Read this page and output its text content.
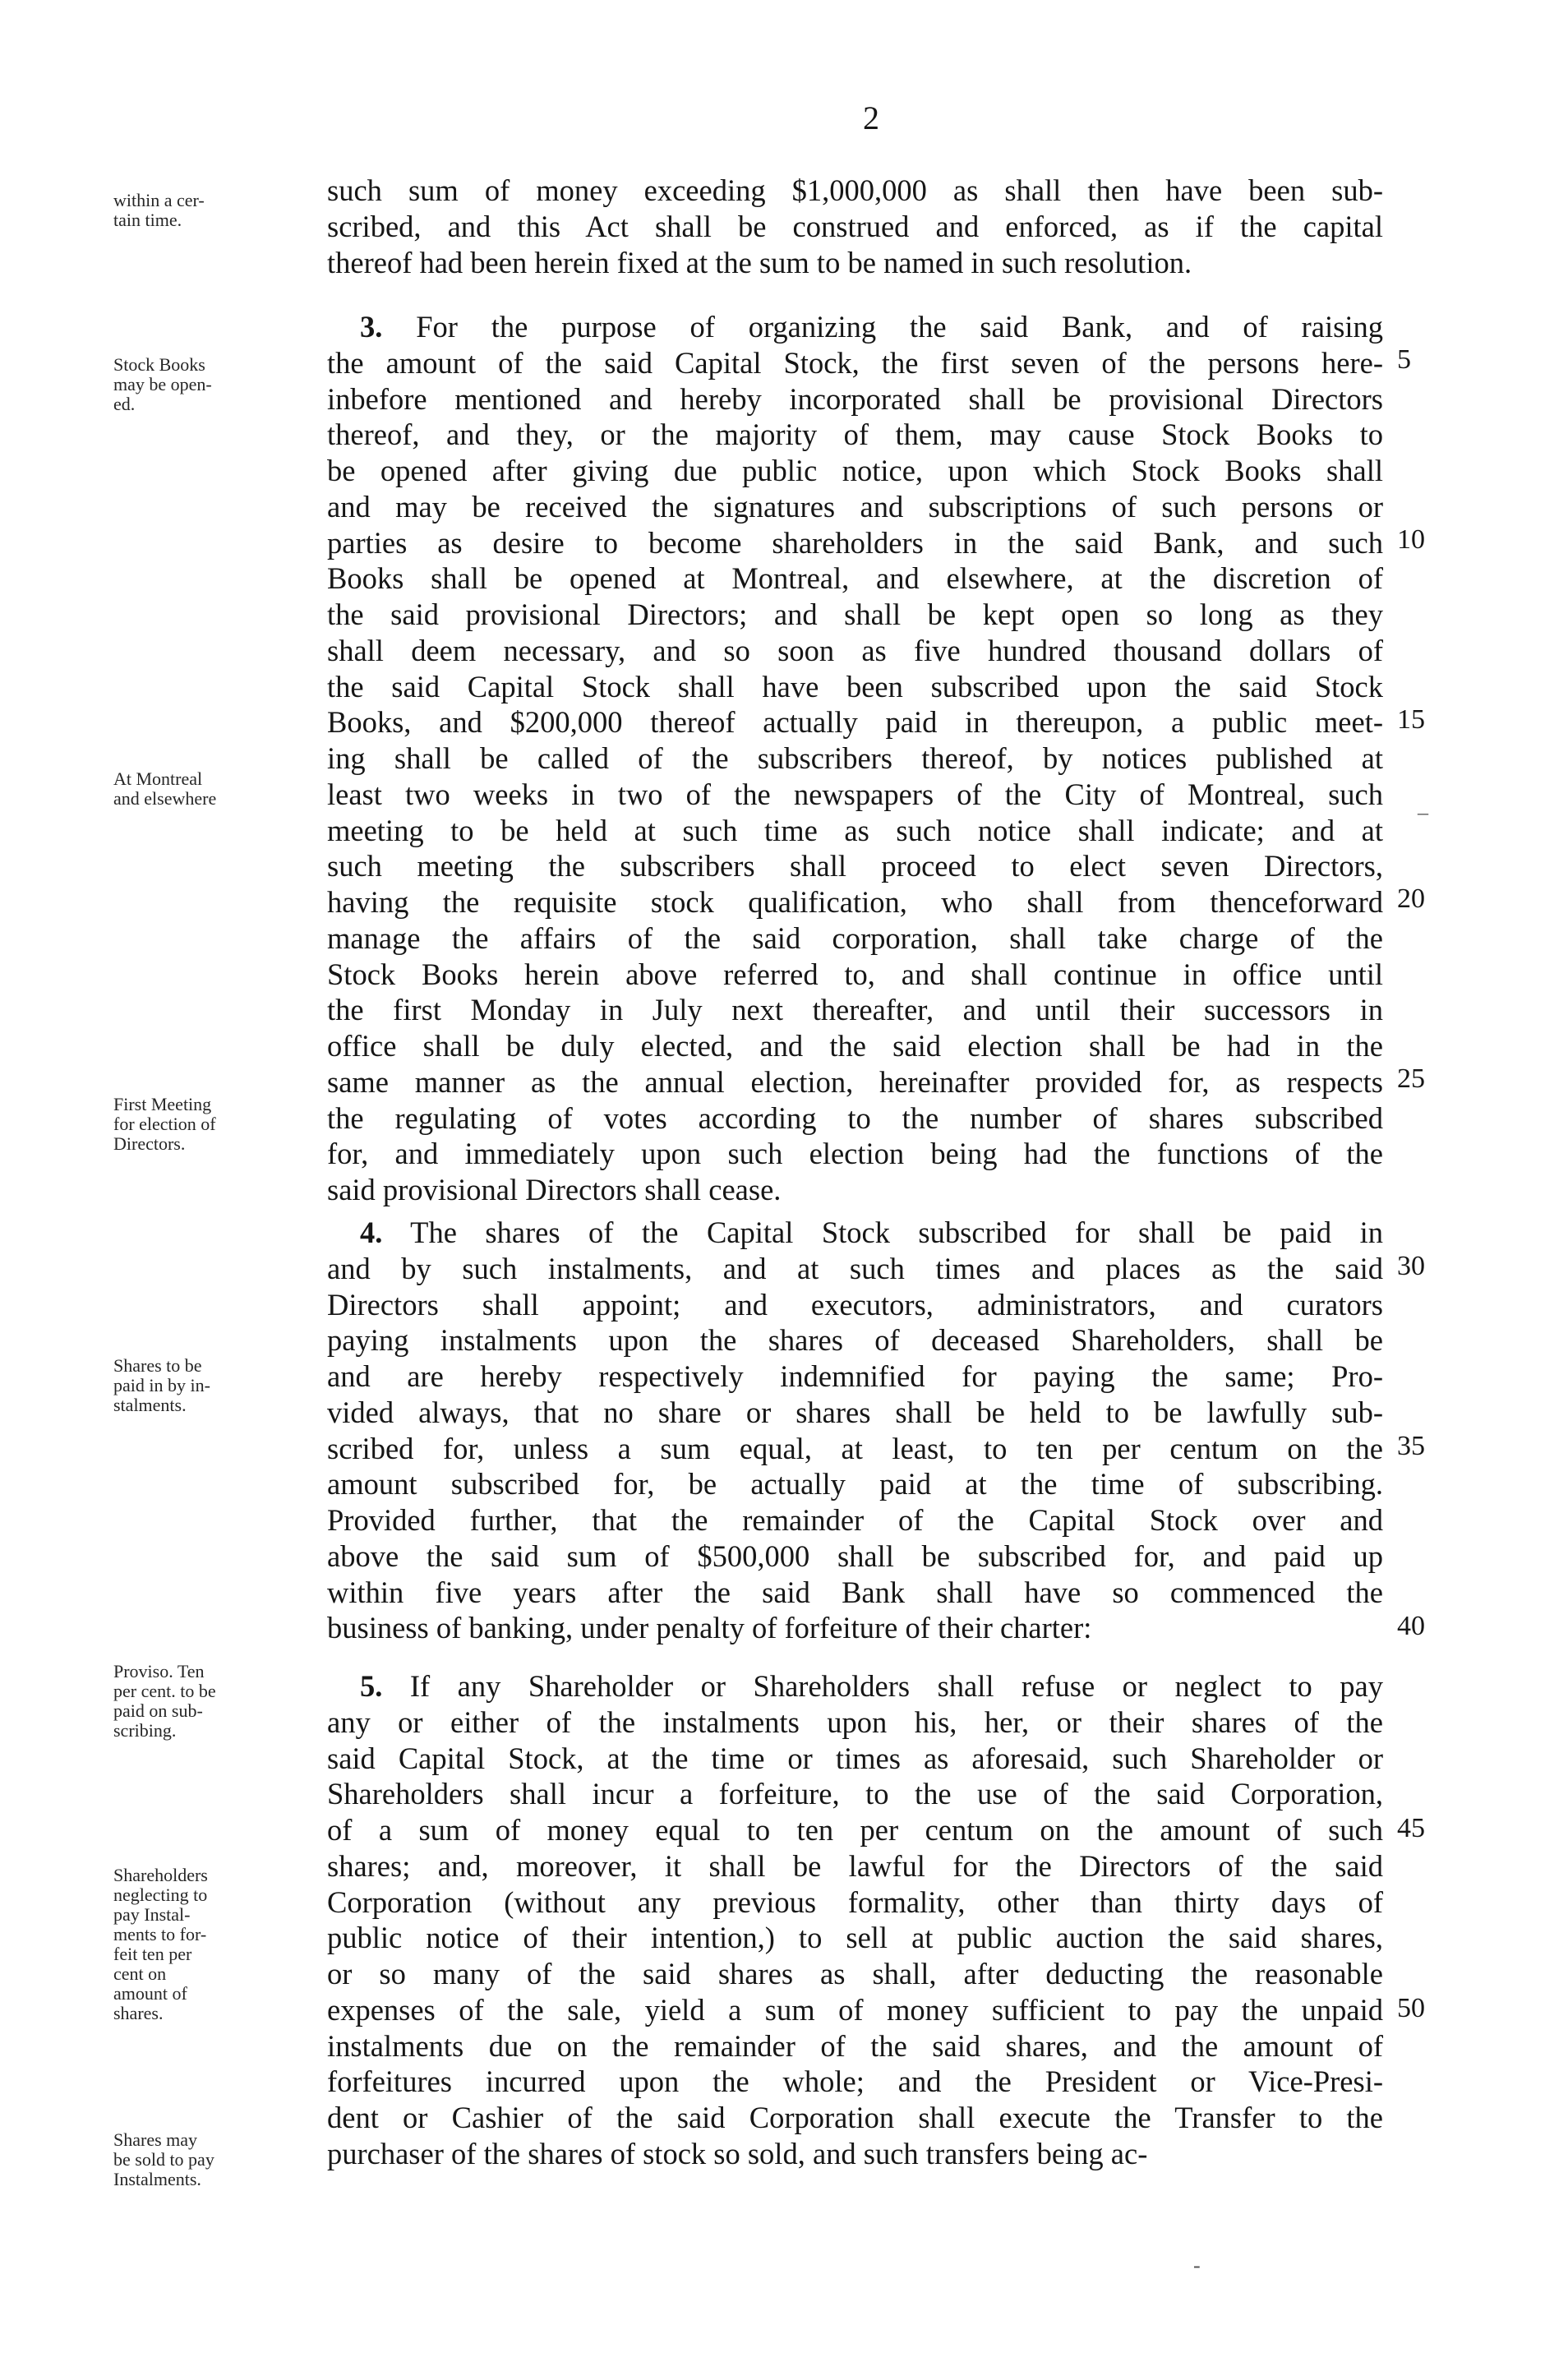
2
within a cer-
tain time.
Stock Books
may be open-
ed.
At Montreal
and elsewhere
First Meeting
for election of
Directors.
Shares to be
paid in by in-
stalments.
Proviso. Ten
per cent. to be
paid on sub-
scribing.
Shareholders
neglecting to
pay Instal-
ments to for-
feit ten per
cent on
amount of
shares.
Shares may
be sold to pay
Instalments.
such sum of money exceeding $1,000,000 as shall then have been sub-
scribed, and this Act shall be construed and enforced, as if the capital
thereof had been herein fixed at the sum to be named in such resolution.
3. For the purpose of organizing the said Bank, and of raising
the amount of the said Capital Stock, the first seven of the persons here-
inbefore mentioned and hereby incorporated shall be provisional Directors
thereof, and they, or the majority of them, may cause Stock Books to
be opened after giving due public notice, upon which Stock Books shall
and may be received the signatures and subscriptions of such persons or
parties as desire to become shareholders in the said Bank, and such
Books shall be opened at Montreal, and elsewhere, at the discretion of
the said provisional Directors; and shall be kept open so long as they
shall deem necessary, and so soon as five hundred thousand dollars of
the said Capital Stock shall have been subscribed upon the said Stock
Books, and $200,000 thereof actually paid in thereupon, a public meet-
ing shall be called of the subscribers thereof, by notices published at
least two weeks in two of the newspapers of the City of Montreal, such
meeting to be held at such time as such notice shall indicate; and at
such meeting the subscribers shall proceed to elect seven Directors,
having the requisite stock qualification, who shall from thenceforward
manage the affairs of the said corporation, shall take charge of the
Stock Books herein above referred to, and shall continue in office until
the first Monday in July next thereafter, and until their successors in
office shall be duly elected, and the said election shall be had in the
same manner as the annual election, hereinafter provided for, as respects
the regulating of votes according to the number of shares subscribed
for, and immediately upon such election being had the functions of the
said provisional Directors shall cease.
4. The shares of the Capital Stock subscribed for shall be paid in
and by such instalments, and at such times and places as the said
Directors shall appoint; and executors, administrators, and curators
paying instalments upon the shares of deceased Shareholders, shall be
and are hereby respectively indemnified for paying the same; Pro-
vided always, that no share or shares shall be held to be lawfully sub-
scribed for, unless a sum equal, at least, to ten per centum on the
amount subscribed for, be actually paid at the time of subscribing.
Provided further, that the remainder of the Capital Stock over and
above the said sum of $500,000 shall be subscribed for, and paid up
within five years after the said Bank shall have so commenced the
business of banking, under penalty of forfeiture of their charter:
5. If any Shareholder or Shareholders shall refuse or neglect to pay
any or either of the instalments upon his, her, or their shares of the
said Capital Stock, at the time or times as aforesaid, such Shareholder or
Shareholders shall incur a forfeiture, to the use of the said Corporation,
of a sum of money equal to ten per centum on the amount of such
shares; and, moreover, it shall be lawful for the Directors of the said
Corporation (without any previous formality, other than thirty days of
public notice of their intention,) to sell at public auction the said shares,
or so many of the said shares as shall, after deducting the reasonable
expenses of the sale, yield a sum of money sufficient to pay the unpaid
instalments due on the remainder of the said shares, and the amount of
forfeitures incurred upon the whole; and the President or Vice-Presi-
dent or Cashier of the said Corporation shall execute the Transfer to the
purchaser of the shares of stock so sold, and such transfers being ac-
5
10
15
20
25
30
35
40
45
50
_
-
